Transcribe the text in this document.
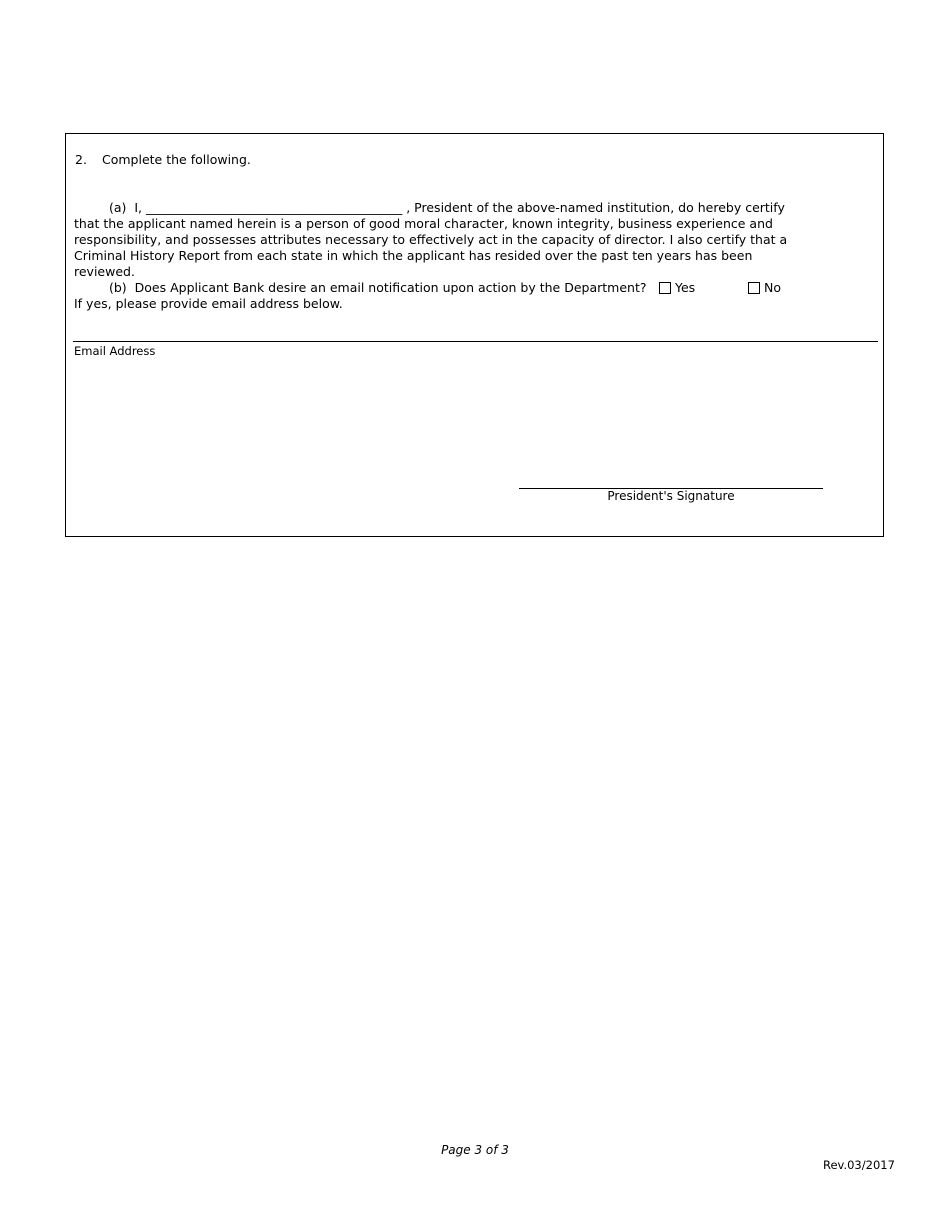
2. Complete the following.
(a) I, _________________________________________ , President of the above-named institution, do hereby certify that the applicant named herein is a person of good moral character, known integrity, business experience and responsibility, and possesses attributes necessary to effectively act in the capacity of director. I also certify that a Criminal History Report from each state in which the applicant has resided over the past ten years has been reviewed.
(b) Does Applicant Bank desire an email notification upon action by the Department?	Yes	No
If yes, please provide email address below.
Email Address
President's Signature
Page 3 of 3
Rev.03/2017
